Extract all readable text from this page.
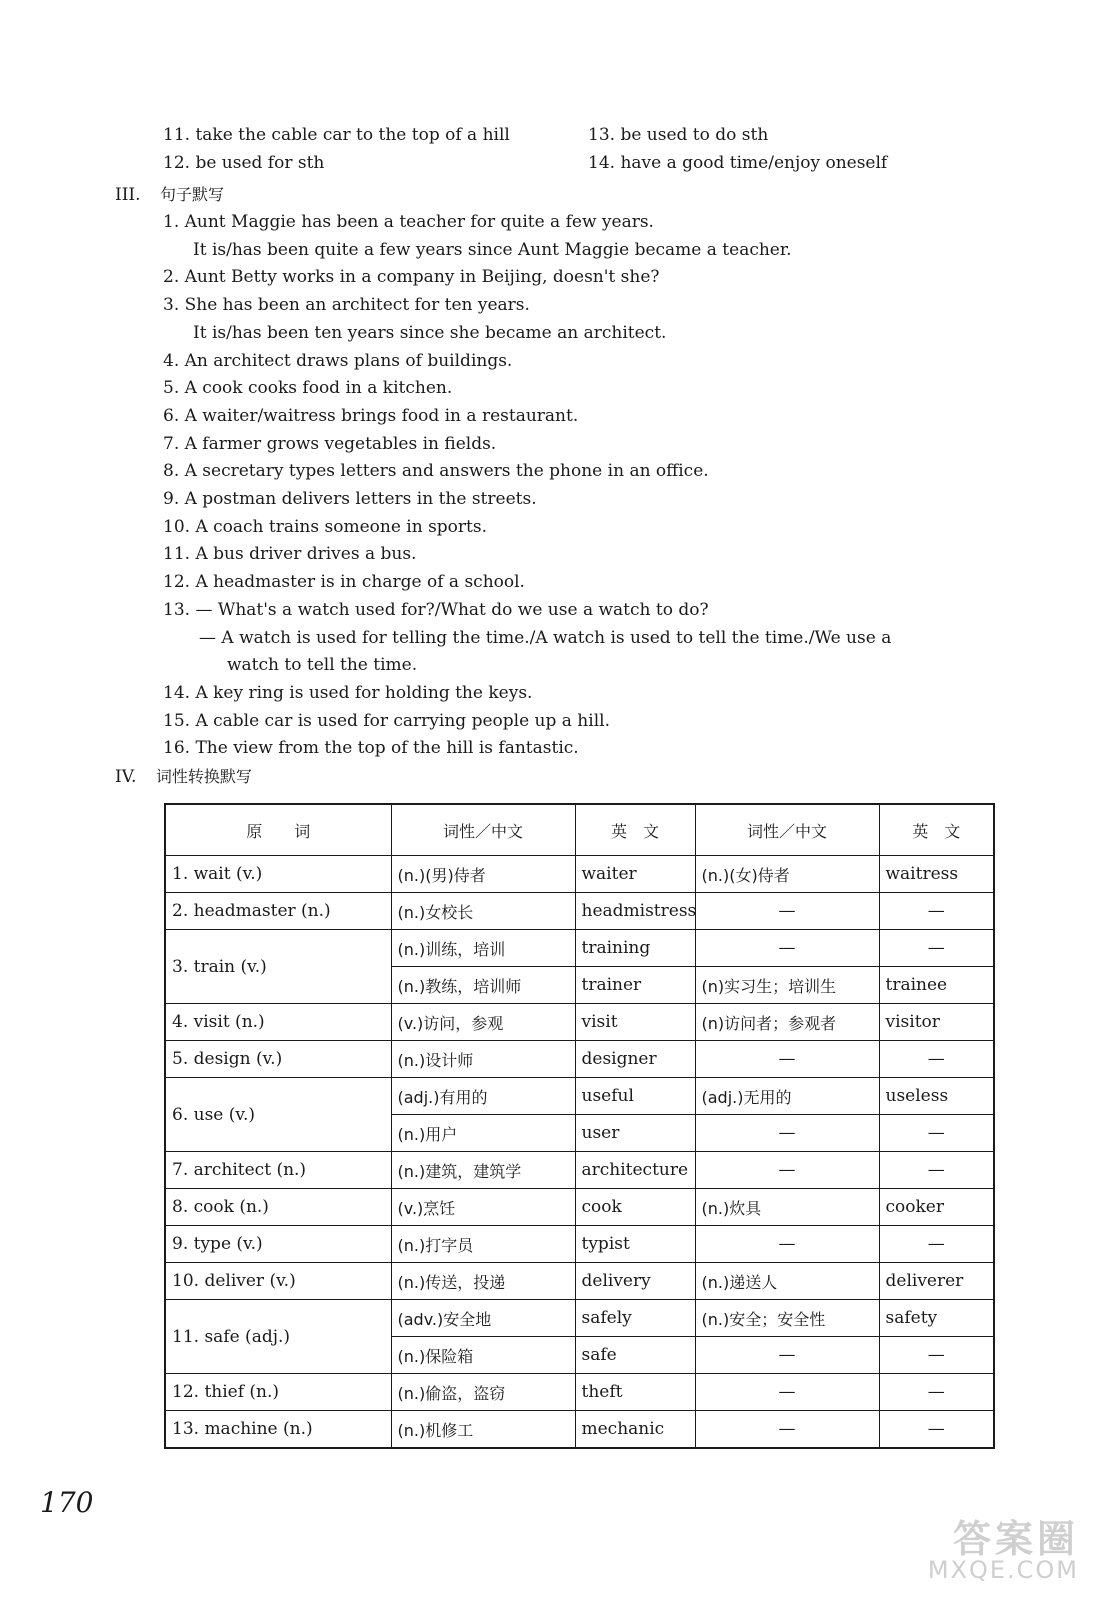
11. take the cable car to the top of a hill
12. be used for sth
13. be used to do sth
14. have a good time/enjoy oneself
III. 句子默写
1. Aunt Maggie has been a teacher for quite a few years.
It is/has been quite a few years since Aunt Maggie became a teacher.
2. Aunt Betty works in a company in Beijing, doesn't she?
3. She has been an architect for ten years.
It is/has been ten years since she became an architect.
4. An architect draws plans of buildings.
5. A cook cooks food in a kitchen.
6. A waiter/waitress brings food in a restaurant.
7. A farmer grows vegetables in fields.
8. A secretary types letters and answers the phone in an office.
9. A postman delivers letters in the streets.
10. A coach trains someone in sports.
11. A bus driver drives a bus.
12. A headmaster is in charge of a school.
13. — What's a watch used for?/What do we use a watch to do?
— A watch is used for telling the time./A watch is used to tell the time./We use a
watch to tell the time.
14. A key ring is used for holding the keys.
15. A cable car is used for carrying people up a hill.
16. The view from the top of the hill is fantastic.
IV. 词性转换默写
原　　词	词性／中文	英　文	词性／中文	英　文
1. wait (v.)	(n.)(男)侍者	waiter	(n.)(女)侍者	waitress
2. headmaster (n.)	(n.)女校长	headmistress	—	—
3. train (v.)	(n.)训练，培训	training	—	—
	(n.)教练，培训师	trainer	(n)实习生；培训生	trainee
4. visit (n.)	(v.)访问，参观	visit	(n)访问者；参观者	visitor
5. design (v.)	(n.)设计师	designer	—	—
6. use (v.)	(adj.)有用的	useful	(adj.)无用的	useless
	(n.)用户	user	—	—
7. architect (n.)	(n.)建筑，建筑学	architecture	—	—
8. cook (n.)	(v.)烹饪	cook	(n.)炊具	cooker
9. type (v.)	(n.)打字员	typist	—	—
10. deliver (v.)	(n.)传送，投递	delivery	(n.)递送人	deliverer
11. safe (adj.)	(adv.)安全地	safely	(n.)安全；安全性	safety
	(n.)保险箱	safe	—	—
12. thief (n.)	(n.)偷盗，盗窃	theft	—	—
13. machine (n.)	(n.)机修工	mechanic	—	—
170
答案圈
MXQE.COM
